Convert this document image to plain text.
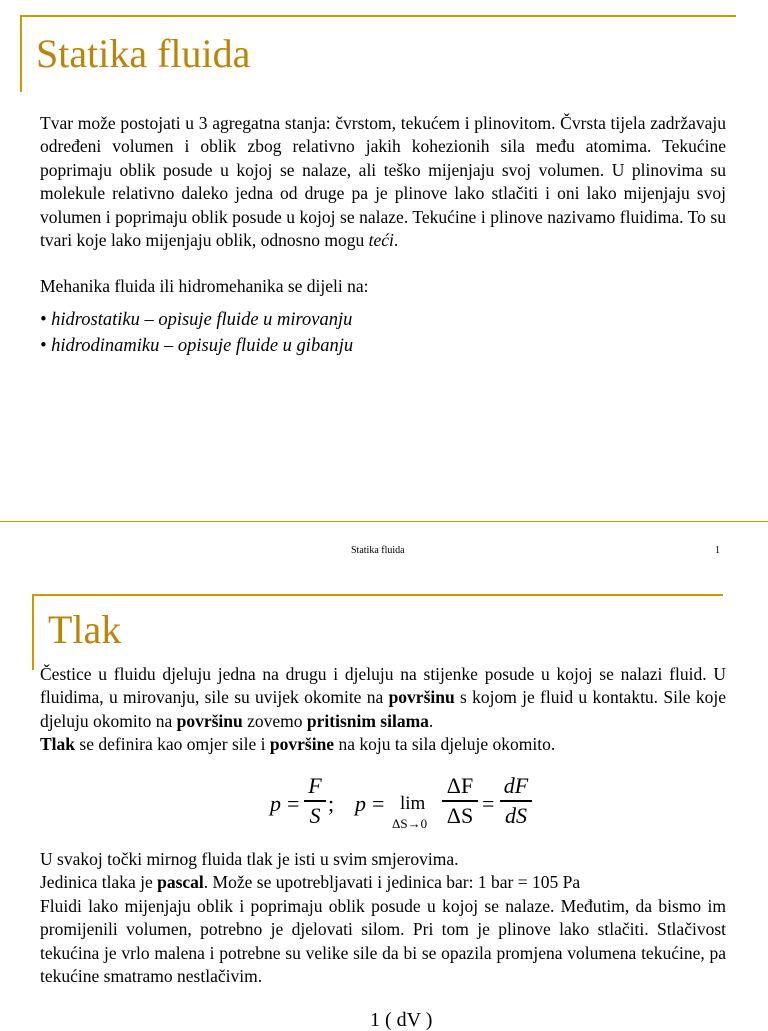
Statika fluida

Tvar može postojati u 3 agregatna stanja: čvrstom, tekućem i plinovitom. Čvrsta tijela zadržavaju određeni volumen i oblik zbog relativno jakih kohezionih sila među atomima. Tekućine poprimaju oblik posude u kojoj se nalaze, ali teško mijenjaju svoj volumen. U plinovima su molekule relativno daleko jedna od druge pa je plinove lako stlačiti i oni lako mijenjaju svoj volumen i poprimaju oblik posude u kojoj se nalaze. Tekućine i plinove nazivamo fluidima. To su tvari koje lako mijenjaju oblik, odnosno mogu teći.

Mehanika fluida ili hidromehanika se dijeli na:

• hidrostatiku – opisuje fluide u mirovanju
• hidrodinamiku – opisuje fluide u gibanju
Statika fluida	1
Tlak

Čestice u fluidu djeluju jedna na drugu i djeluju na stijenke posude u kojoj se nalazi fluid. U fluidima, u mirovanju, sile su uvijek okomite na površinu s kojom je fluid u kontaktu. Sile koje djeluju okomito na površinu zovemo pritisnim silama.

Tlak se definira kao omjer sile i površine na koju ta sila djeluje okomito.

p =
F
S ; p = lim
ΔS→0
ΔF
ΔS =
dF
dS

U svakoj točki mirnog fluida tlak je isti u svim smjerovima.

Jedinica tlaka je pascal. Može se upotrebljavati i jedinica bar: 1 bar = 105 Pa

Fluidi lako mijenjaju oblik i poprimaju oblik posude u kojoj se nalaze. Međutim, da bismo im promijenili volumen, potrebno je djelovati silom. Pri tom je plinove lako stlačiti. Stlačivost tekućina je vrlo malena i potrebne su velike sile da bi se opazila promjena volumena tekućine, pa tekućine smatramo nestlačivim.

1 ( dV )
